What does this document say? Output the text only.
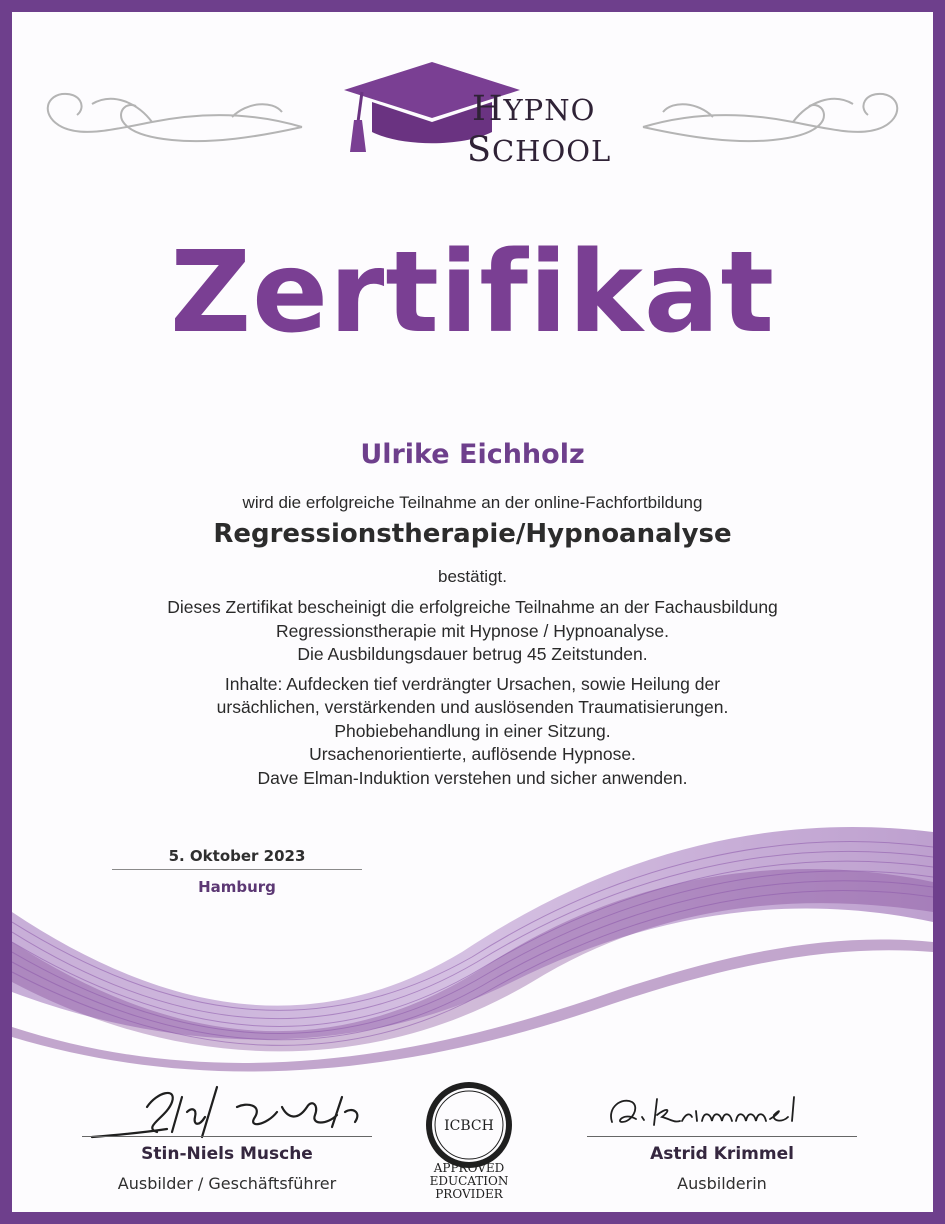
HYPNO
SCHOOL
Zertifikat
Ulrike Eichholz
wird die erfolgreiche Teilnahme an der online-Fachfortbildung
Regressionstherapie/Hypnoanalyse
bestätigt.
Dieses Zertifikat bescheinigt die erfolgreiche Teilnahme an der Fachausbildung
Regressionstherapie mit Hypnose / Hypnoanalyse.
Die Ausbildungsdauer betrug 45 Zeitstunden.
Inhalte: Aufdecken tief verdrängter Ursachen, sowie Heilung der
ursächlichen, verstärkenden und auslösenden Traumatisierungen.
Phobiebehandlung in einer Sitzung.
Ursachenorientierte, auflösende Hypnose.
Dave Elman-Induktion verstehen und sicher anwenden.
5. Oktober 2023
Hamburg
Stin-Niels Musche
Ausbilder / Geschäftsführer
ICBCH
APPROVED
EDUCATION
PROVIDER
Astrid Krimmel
Ausbilderin
